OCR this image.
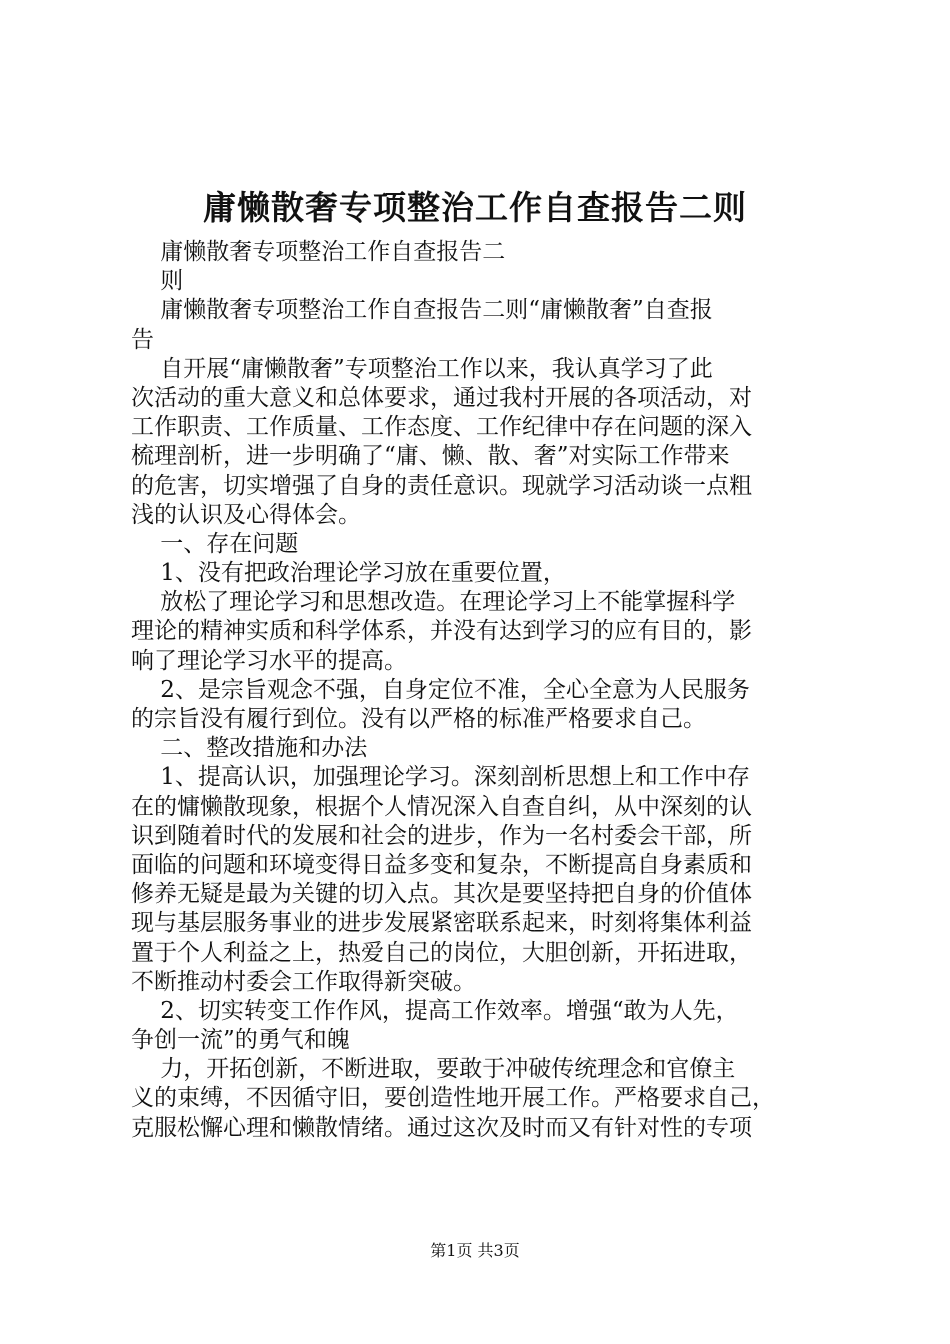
庸懒散奢专项整治工作自查报告二则
庸懒散奢专项整治工作自查报告二
则
庸懒散奢专项整治工作自查报告二则“庸懒散奢”自查报
告
自开展“庸懒散奢”专项整治工作以来，我认真学习了此
次活动的重大意义和总体要求，通过我村开展的各项活动，对
工作职责、工作质量、工作态度、工作纪律中存在问题的深入
梳理剖析，进一步明确了“庸、懒、散、奢”对实际工作带来
的危害，切实增强了自身的责任意识。现就学习活动谈一点粗
浅的认识及心得体会。
一、存在问题
1、没有把政治理论学习放在重要位置，
放松了理论学习和思想改造。在理论学习上不能掌握科学
理论的精神实质和科学体系，并没有达到学习的应有目的，影
响了理论学习水平的提高。
2、是宗旨观念不强，自身定位不准，全心全意为人民服务
的宗旨没有履行到位。没有以严格的标准严格要求自己。
二、整改措施和办法
1、提高认识，加强理论学习。深刻剖析思想上和工作中存
在的慵懒散现象，根据个人情况深入自查自纠，从中深刻的认
识到随着时代的发展和社会的进步，作为一名村委会干部，所
面临的问题和环境变得日益多变和复杂，不断提高自身素质和
修养无疑是最为关键的切入点。其次是要坚持把自身的价值体
现与基层服务事业的进步发展紧密联系起来，时刻将集体利益
置于个人利益之上，热爱自己的岗位，大胆创新，开拓进取，
不断推动村委会工作取得新突破。
2、切实转变工作作风，提高工作效率。增强“敢为人先，
争创一流”的勇气和魄
力，开拓创新，不断进取，要敢于冲破传统理念和官僚主
义的束缚，不因循守旧，要创造性地开展工作。严格要求自己，
克服松懈心理和懒散情绪。通过这次及时而又有针对性的专项
第1页 共3页
